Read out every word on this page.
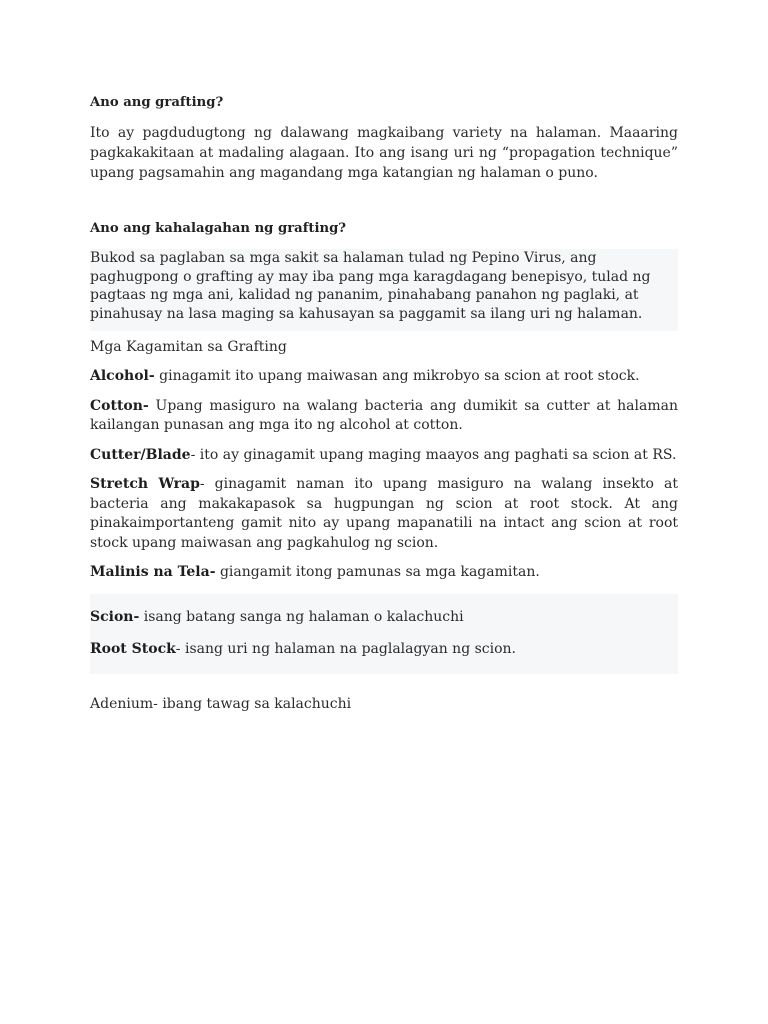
Ano ang grafting?

Ito ay pagdudugtong ng dalawang magkaibang variety na halaman. Maaaring pagkakakitaan at madaling alagaan. Ito ang isang uri ng “propagation technique” upang pagsamahin ang magandang mga katangian ng halaman o puno.

Ano ang kahalagahan ng grafting?

Bukod sa paglaban sa mga sakit sa halaman tulad ng Pepino Virus, ang

paghugpong o grafting ay may iba pang mga karagdagang benepisyo, tulad ng

pagtaas ng mga ani, kalidad ng pananim, pinahabang panahon ng paglaki, at

pinahusay na lasa maging sa kahusayan sa paggamit sa ilang uri ng halaman.

Mga Kagamitan sa Grafting

Alcohol- ginagamit ito upang maiwasan ang mikrobyo sa scion at root stock.

Cotton- Upang masiguro na walang bacteria ang dumikit sa cutter at halaman kailangan punasan ang mga ito ng alcohol at cotton.

Cutter/Blade- ito ay ginagamit upang maging maayos ang paghati sa scion at RS.

Stretch Wrap- ginagamit naman ito upang masiguro na walang insekto at bacteria ang makakapasok sa hugpungan ng scion at root stock. At ang pinakaimportanteng gamit nito ay upang mapanatili na intact ang scion at root stock upang maiwasan ang pagkahulog ng scion.

Malinis na Tela- giangamit itong pamunas sa mga kagamitan.

Scion- isang batang sanga ng halaman o kalachuchi

Root Stock- isang uri ng halaman na paglalagyan ng scion.

Adenium- ibang tawag sa kalachuchi
